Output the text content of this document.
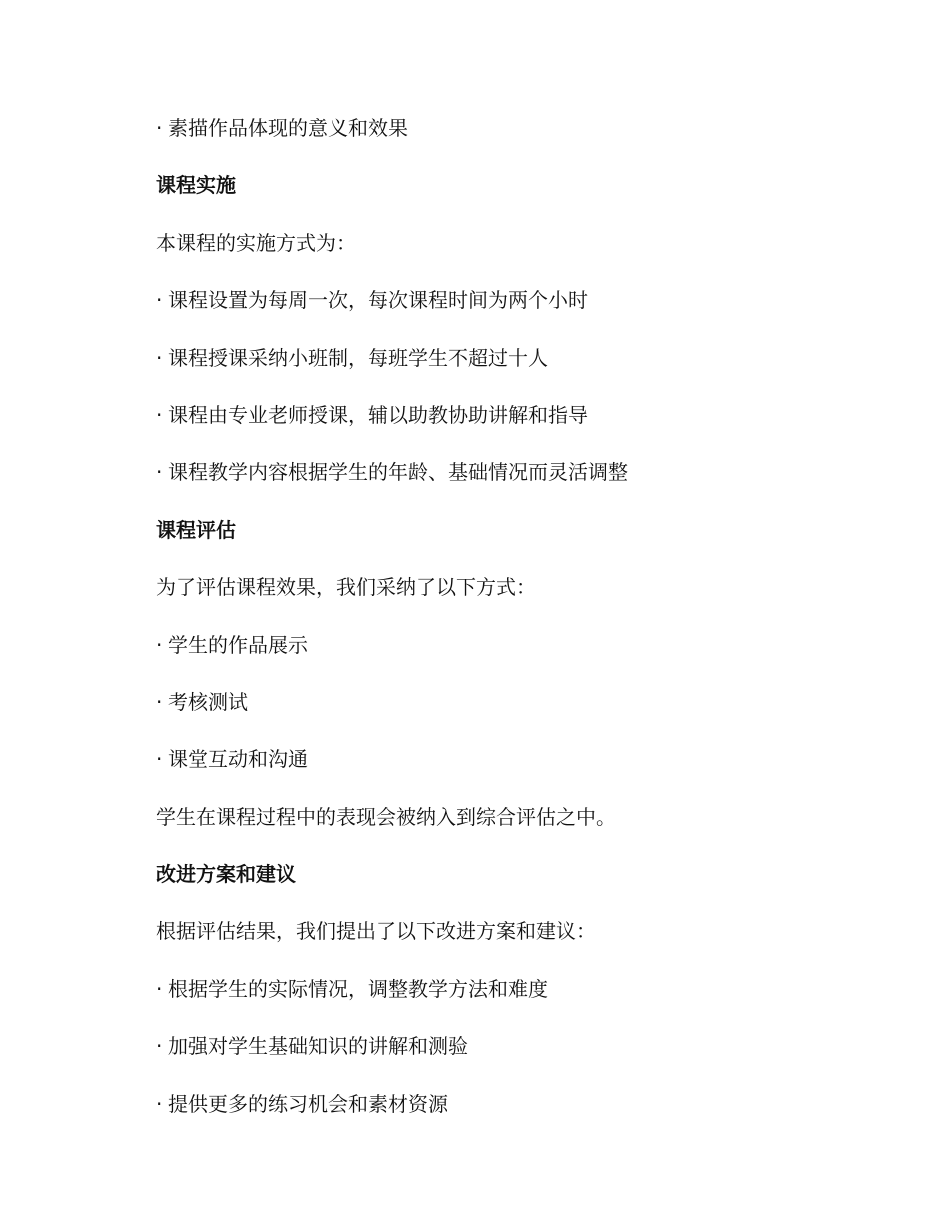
· 素描作品体现的意义和效果
课程实施
本课程的实施方式为：
· 课程设置为每周一次，每次课程时间为两个小时
· 课程授课采纳小班制，每班学生不超过十人
· 课程由专业老师授课，辅以助教协助讲解和指导
· 课程教学内容根据学生的年龄、基础情况而灵活调整
课程评估
为了评估课程效果，我们采纳了以下方式：
· 学生的作品展示
· 考核测试
· 课堂互动和沟通
学生在课程过程中的表现会被纳入到综合评估之中。
改进方案和建议
根据评估结果，我们提出了以下改进方案和建议：
· 根据学生的实际情况，调整教学方法和难度
· 加强对学生基础知识的讲解和测验
· 提供更多的练习机会和素材资源
